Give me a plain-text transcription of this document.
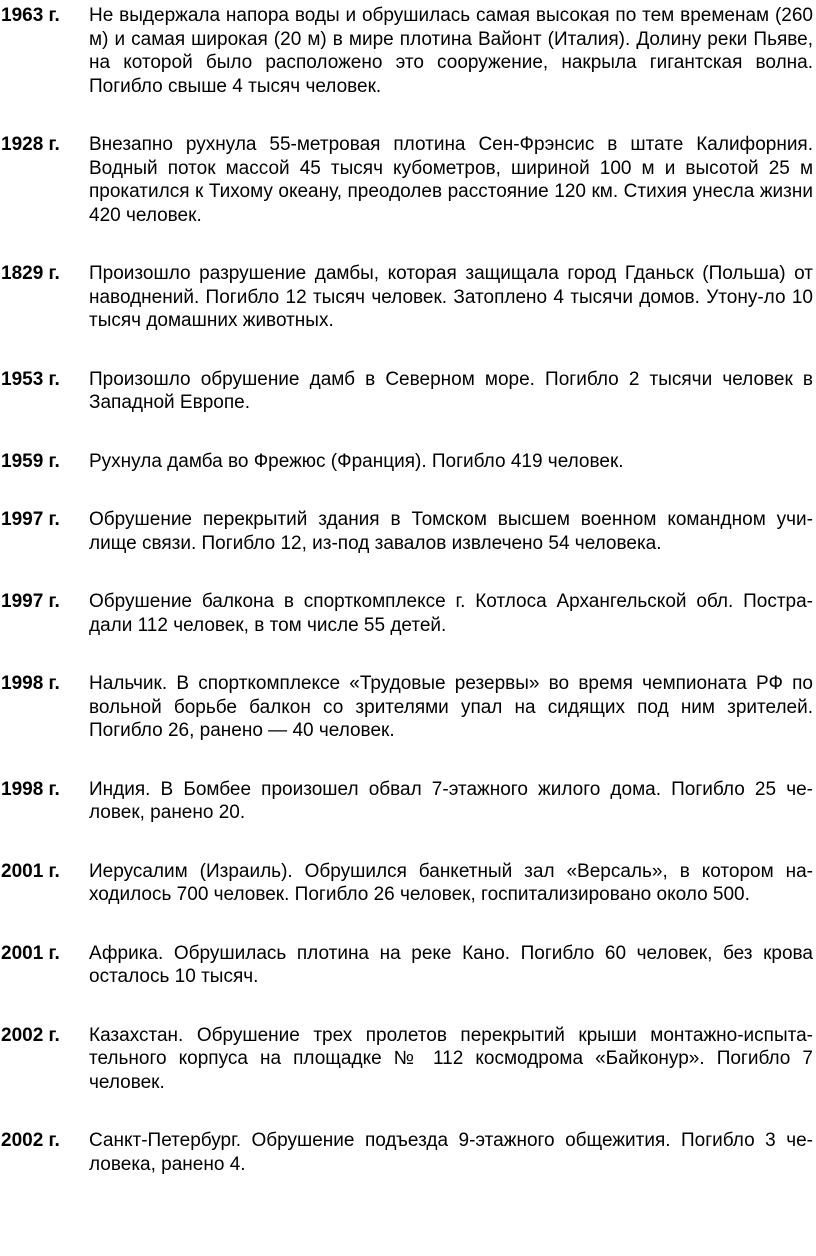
1963 г.	Не выдержала напора воды и обрушилась самая высокая по тем временам (260 м) и самая широкая (20 м) в мире плотина Вайонт (Италия). Долину реки Пьяве, на которой было расположено это сооружение, накрыла гигантская волна. Погибло свыше 4 тысяч человек.
1928 г.	Внезапно рухнула 55-метровая плотина Сен-Фрэнсис в штате Калифорния. Водный поток массой 45 тысяч кубометров, шириной 100 м и высотой 25 м прокатился к Тихому океану, преодолев расстояние 120 км. Стихия унесла жизни 420 человек.
1829 г.	Произошло разрушение дамбы, которая защищала город Гданьск (Польша) от наводнений. Погибло 12 тысяч человек. Затоплено 4 тысячи домов. Утону-ло 10 тысяч домашних животных.
1953 г.	Произошло обрушение дамб в Северном море. Погибло 2 тысячи человек в Западной Европе.
1959 г.	Рухнула дамба во Фрежюс (Франция). Погибло 419 человек.
1997 г.	Обрушение перекрытий здания в Томском высшем военном командном учи-лище связи. Погибло 12, из-под завалов извлечено 54 человека.
1997 г.	Обрушение балкона в спорткомплексе г. Котлоса Архангельской обл. Постра-дали 112 человек, в том числе 55 детей.
1998 г.	Нальчик. В спорткомплексе «Трудовые резервы» во время чемпионата РФ по вольной борьбе балкон со зрителями упал на сидящих под ним зрителей. Погибло 26, ранено — 40 человек.
1998 г.	Индия. В Бомбее произошел обвал 7-этажного жилого дома. Погибло 25 че-ловек, ранено 20.
2001 г.	Иерусалим (Израиль). Обрушился банкетный зал «Версаль», в котором на-ходилось 700 человек. Погибло 26 человек, госпитализировано около 500.
2001 г.	Африка. Обрушилась плотина на реке Кано. Погибло 60 человек, без крова осталось 10 тысяч.
2002 г.	Казахстан. Обрушение трех пролетов перекрытий крыши монтажно-испыта-тельного корпуса на площадке № 112 космодрома «Байконур». Погибло 7 человек.
2002 г.	Санкт-Петербург. Обрушение подъезда 9-этажного общежития. Погибло 3 че-ловека, ранено 4.
